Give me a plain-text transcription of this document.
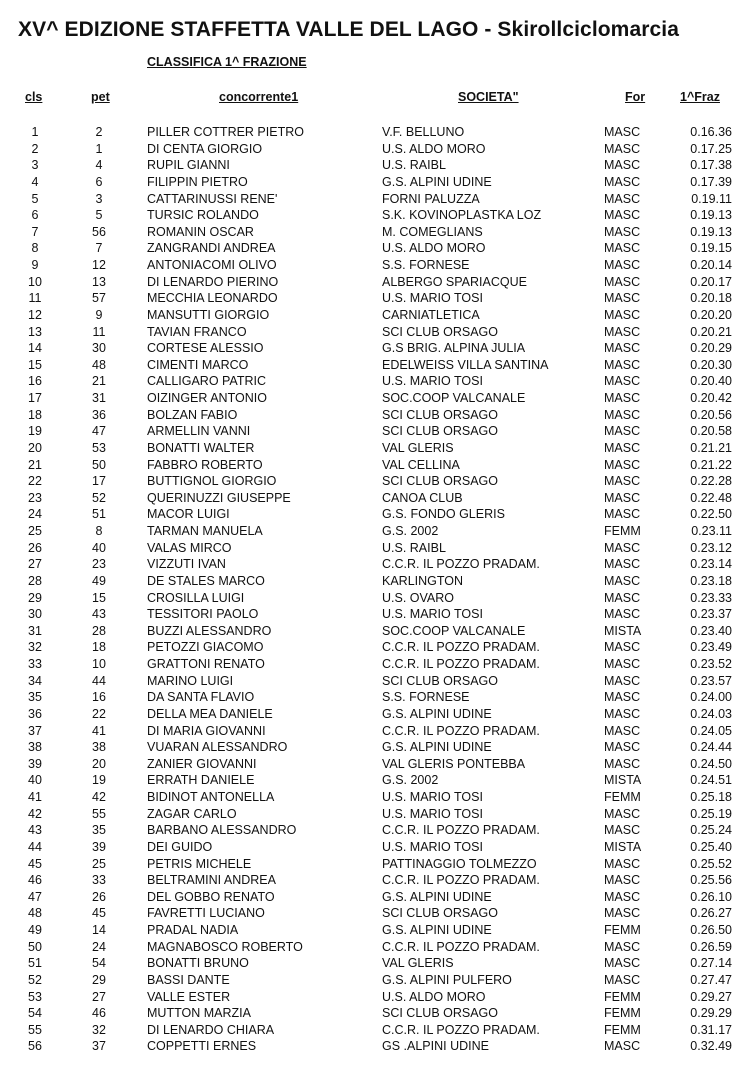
XV^ EDIZIONE STAFFETTA VALLE DEL LAGO - Skirollciclomarcia
CLASSIFICA 1^ FRAZIONE
cls	pet	concorrente1	SOCIETA"	For	1^Fraz
1	2	PILLER COTTRER PIETRO	V.F. BELLUNO	MASC	0.16.36
2	1	DI CENTA GIORGIO	U.S. ALDO MORO	MASC	0.17.25
3	4	RUPIL GIANNI	U.S. RAIBL	MASC	0.17.38
4	6	FILIPPIN PIETRO	G.S. ALPINI UDINE	MASC	0.17.39
5	3	CATTARINUSSI RENE'	FORNI PALUZZA	MASC	0.19.11
6	5	TURSIC ROLANDO	S.K. KOVINOPLASTKA LOZ	MASC	0.19.13
7	56	ROMANIN OSCAR	M. COMEGLIANS	MASC	0.19.13
8	7	ZANGRANDI ANDREA	U.S. ALDO MORO	MASC	0.19.15
9	12	ANTONIACOMI OLIVO	S.S. FORNESE	MASC	0.20.14
10	13	DI LENARDO PIERINO	ALBERGO SPARIACQUE	MASC	0.20.17
11	57	MECCHIA LEONARDO	U.S. MARIO TOSI	MASC	0.20.18
12	9	MANSUTTI GIORGIO	CARNIATLETICA	MASC	0.20.20
13	11	TAVIAN FRANCO	SCI CLUB ORSAGO	MASC	0.20.21
14	30	CORTESE ALESSIO	G.S BRIG. ALPINA JULIA	MASC	0.20.29
15	48	CIMENTI MARCO	EDELWEISS VILLA SANTINA	MASC	0.20.30
16	21	CALLIGARO PATRIC	U.S. MARIO TOSI	MASC	0.20.40
17	31	OIZINGER ANTONIO	SOC.COOP VALCANALE	MASC	0.20.42
18	36	BOLZAN FABIO	SCI CLUB ORSAGO	MASC	0.20.56
19	47	ARMELLIN VANNI	SCI CLUB ORSAGO	MASC	0.20.58
20	53	BONATTI WALTER	VAL GLERIS	MASC	0.21.21
21	50	FABBRO ROBERTO	VAL CELLINA	MASC	0.21.22
22	17	BUTTIGNOL GIORGIO	SCI CLUB ORSAGO	MASC	0.22.28
23	52	QUERINUZZI GIUSEPPE	CANOA CLUB	MASC	0.22.48
24	51	MACOR LUIGI	G.S. FONDO GLERIS	MASC	0.22.50
25	8	TARMAN MANUELA	G.S. 2002	FEMM	0.23.11
26	40	VALAS MIRCO	U.S. RAIBL	MASC	0.23.12
27	23	VIZZUTI IVAN	C.C.R. IL POZZO PRADAM.	MASC	0.23.14
28	49	DE STALES MARCO	KARLINGTON	MASC	0.23.18
29	15	CROSILLA LUIGI	U.S. OVARO	MASC	0.23.33
30	43	TESSITORI PAOLO	U.S. MARIO TOSI	MASC	0.23.37
31	28	BUZZI ALESSANDRO	SOC.COOP VALCANALE	MISTA	0.23.40
32	18	PETOZZI GIACOMO	C.C.R. IL POZZO PRADAM.	MASC	0.23.49
33	10	GRATTONI RENATO	C.C.R. IL POZZO PRADAM.	MASC	0.23.52
34	44	MARINO LUIGI	SCI CLUB ORSAGO	MASC	0.23.57
35	16	DA SANTA FLAVIO	S.S. FORNESE	MASC	0.24.00
36	22	DELLA MEA DANIELE	G.S. ALPINI UDINE	MASC	0.24.03
37	41	DI MARIA GIOVANNI	C.C.R. IL POZZO PRADAM.	MASC	0.24.05
38	38	VUARAN ALESSANDRO	G.S. ALPINI UDINE	MASC	0.24.44
39	20	ZANIER GIOVANNI	VAL GLERIS PONTEBBA	MASC	0.24.50
40	19	ERRATH DANIELE	G.S. 2002	MISTA	0.24.51
41	42	BIDINOT ANTONELLA	U.S. MARIO TOSI	FEMM	0.25.18
42	55	ZAGAR CARLO	U.S. MARIO TOSI	MASC	0.25.19
43	35	BARBANO ALESSANDRO	C.C.R. IL POZZO PRADAM.	MASC	0.25.24
44	39	DEI GUIDO	U.S. MARIO TOSI	MISTA	0.25.40
45	25	PETRIS MICHELE	PATTINAGGIO TOLMEZZO	MASC	0.25.52
46	33	BELTRAMINI ANDREA	C.C.R. IL POZZO PRADAM.	MASC	0.25.56
47	26	DEL GOBBO RENATO	G.S. ALPINI UDINE	MASC	0.26.10
48	45	FAVRETTI LUCIANO	SCI CLUB ORSAGO	MASC	0.26.27
49	14	PRADAL NADIA	G.S. ALPINI UDINE	FEMM	0.26.50
50	24	MAGNABOSCO ROBERTO	C.C.R. IL POZZO PRADAM.	MASC	0.26.59
51	54	BONATTI BRUNO	VAL GLERIS	MASC	0.27.14
52	29	BASSI DANTE	G.S. ALPINI PULFERO	MASC	0.27.47
53	27	VALLE ESTER	U.S. ALDO MORO	FEMM	0.29.27
54	46	MUTTON MARZIA	SCI CLUB ORSAGO	FEMM	0.29.29
55	32	DI LENARDO CHIARA	C.C.R. IL POZZO PRADAM.	FEMM	0.31.17
56	37	COPPETTI ERNES	GS .ALPINI UDINE	MASC	0.32.49
